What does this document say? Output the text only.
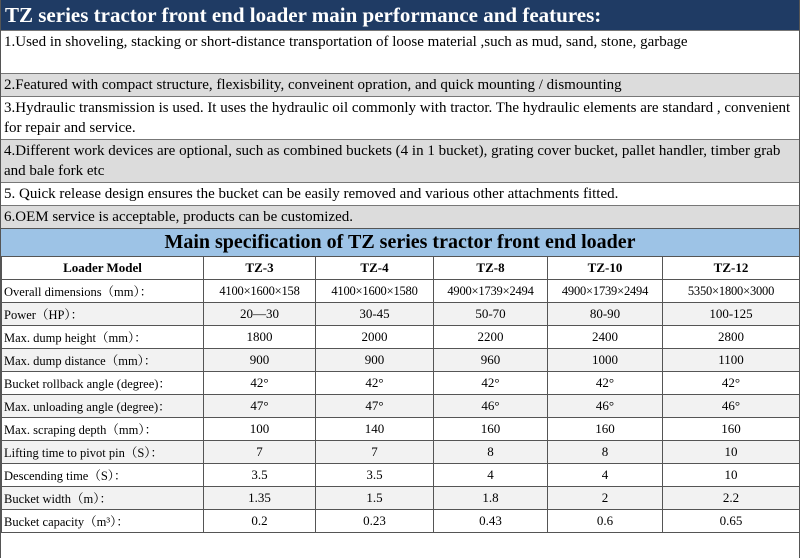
TZ series tractor front end loader main performance and features:
1.Used in shoveling, stacking or short-distance transportation of loose material ,such as mud, sand, stone, garbage
2.Featured with compact structure, flexisbility, conveinent opration, and quick mounting / dismounting
3.Hydraulic transmission is used. It uses the hydraulic oil commonly with tractor. The hydraulic elements are standard , convenient for repair and service.
4.Different work devices are optional, such as combined buckets (4 in 1 bucket), grating cover bucket, pallet handler, timber grab and bale fork etc
5. Quick release design ensures the bucket can be easily removed and various other attachments fitted.
6.OEM service is acceptable, products can be customized.
Main specification of TZ series tractor front end loader
Loader Model	TZ-3	TZ-4	TZ-8	TZ-10	TZ-12
Overall dimensions（mm）：	4100×1600×158	4100×1600×1580	4900×1739×2494	4900×1739×2494	5350×1800×3000
Power（HP）：	20—30	30-45	50-70	80-90	100-125
Max. dump height（mm）：	1800	2000	2200	2400	2800
Max. dump distance（mm）：	900	900	960	1000	1100
Bucket rollback angle (degree)：	42°	42°	42°	42°	42°
Max. unloading angle (degree)：	47°	47°	46°	46°	46°
Max. scraping depth（mm）：	100	140	160	160	160
Lifting time to pivot pin（S）：	7	7	8	8	10
Descending time（S）：	3.5	3.5	4	4	10
Bucket width（m）：	1.35	1.5	1.8	2	2.2
Bucket capacity（m³）：	0.2	0.23	0.43	0.6	0.65
